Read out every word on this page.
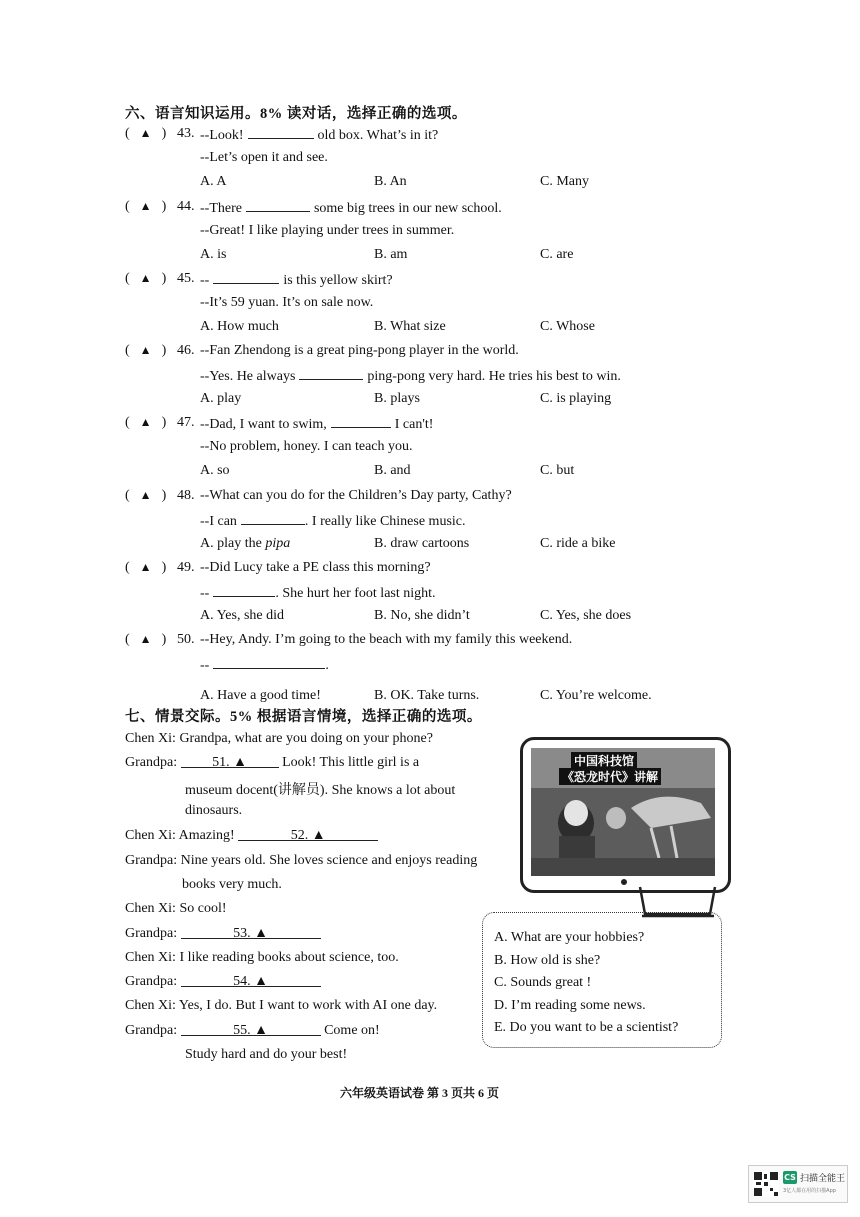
六、语言知识运用。8% 读对话，选择正确的选项。
( ▲ ) 43. --Look!	old box. What’s in it?
--Let’s open it and see.
A. A	B. An	C. Many
( ▲ ) 44. --There	some big trees in our new school.
--Great! I like playing under trees in summer.
A. is	B. am	C. are
( ▲ ) 45. --	is this yellow skirt?
--It’s 59 yuan. It’s on sale now.
A. How much	B. What size	C. Whose
( ▲ ) 46. --Fan Zhendong is a great ping-pong player in the world.
--Yes. He always	ping-pong very hard. He tries his best to win.
A. play	B. plays	C. is playing
( ▲ ) 47. --Dad, I want to swim,	I can't!
--No problem, honey. I can teach you.
A. so	B. and	C. but
( ▲ ) 48. --What can you do for the Children’s Day party, Cathy?
--I can	. I really like Chinese music.
A. play the pipa	B. draw cartoons	C. ride a bike
( ▲ ) 49. --Did Lucy take a PE class this morning?
--	. She hurt her foot last night.
A. Yes, she did	B. No, she didn’t	C. Yes, she does
( ▲ ) 50. --Hey, Andy. I’m going to the beach with my family this weekend.
--	.
A. Have a good time!	B. OK. Take turns.	C. You’re welcome.
七、情景交际。5% 根据语言情境，选择正确的选项。
Chen Xi: Grandpa, what are you doing on your phone?
Grandpa:	51. ▲	Look! This little girl is a
museum docent(讲解员). She knows a lot about
dinosaurs.
Chen Xi: Amazing!	52. ▲
Grandpa: Nine years old. She loves science and enjoys reading
books very much.
Chen Xi: So cool!
Grandpa:	53. ▲
Chen Xi: I like reading books about science, too.
Grandpa:	54. ▲
Chen Xi: Yes, I do. But I want to work with AI one day.
Grandpa:	55. ▲	Come on!
Study hard and do your best!
中国科技馆
《恐龙时代》讲解
A. What are your hobbies?
B. How old is she?
C. Sounds great !
D. I’m reading some news.
E. Do you want to be a scientist?
六年级英语试卷 第 3 页共 6 页
CS 扫描全能王
3亿人都在用的扫描App
